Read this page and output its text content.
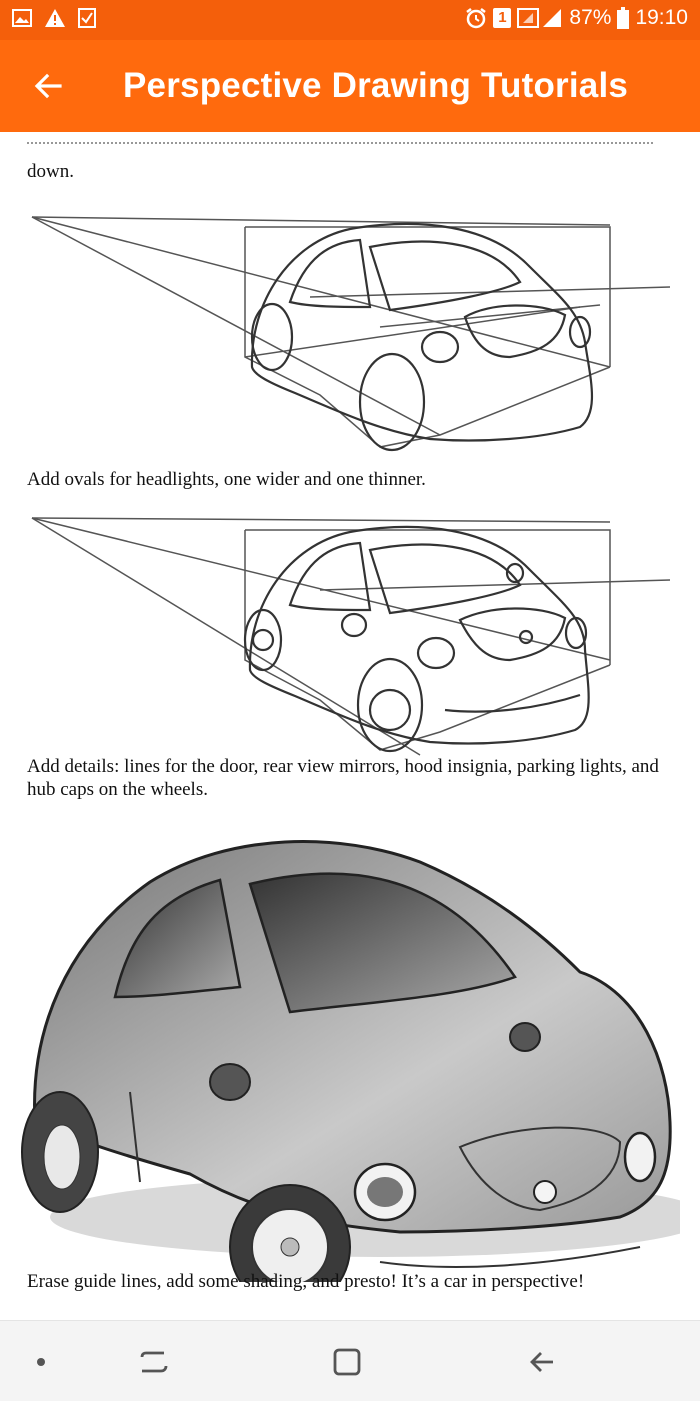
1	87% 19:10
Perspective Drawing Tutorials
down.
Add ovals for headlights, one wider and one thinner.
Add details: lines for the door, rear view mirrors, hood insignia, parking lights, and hub caps on the wheels.
Erase guide lines, add some shading, and presto! It’s a car in perspective!
